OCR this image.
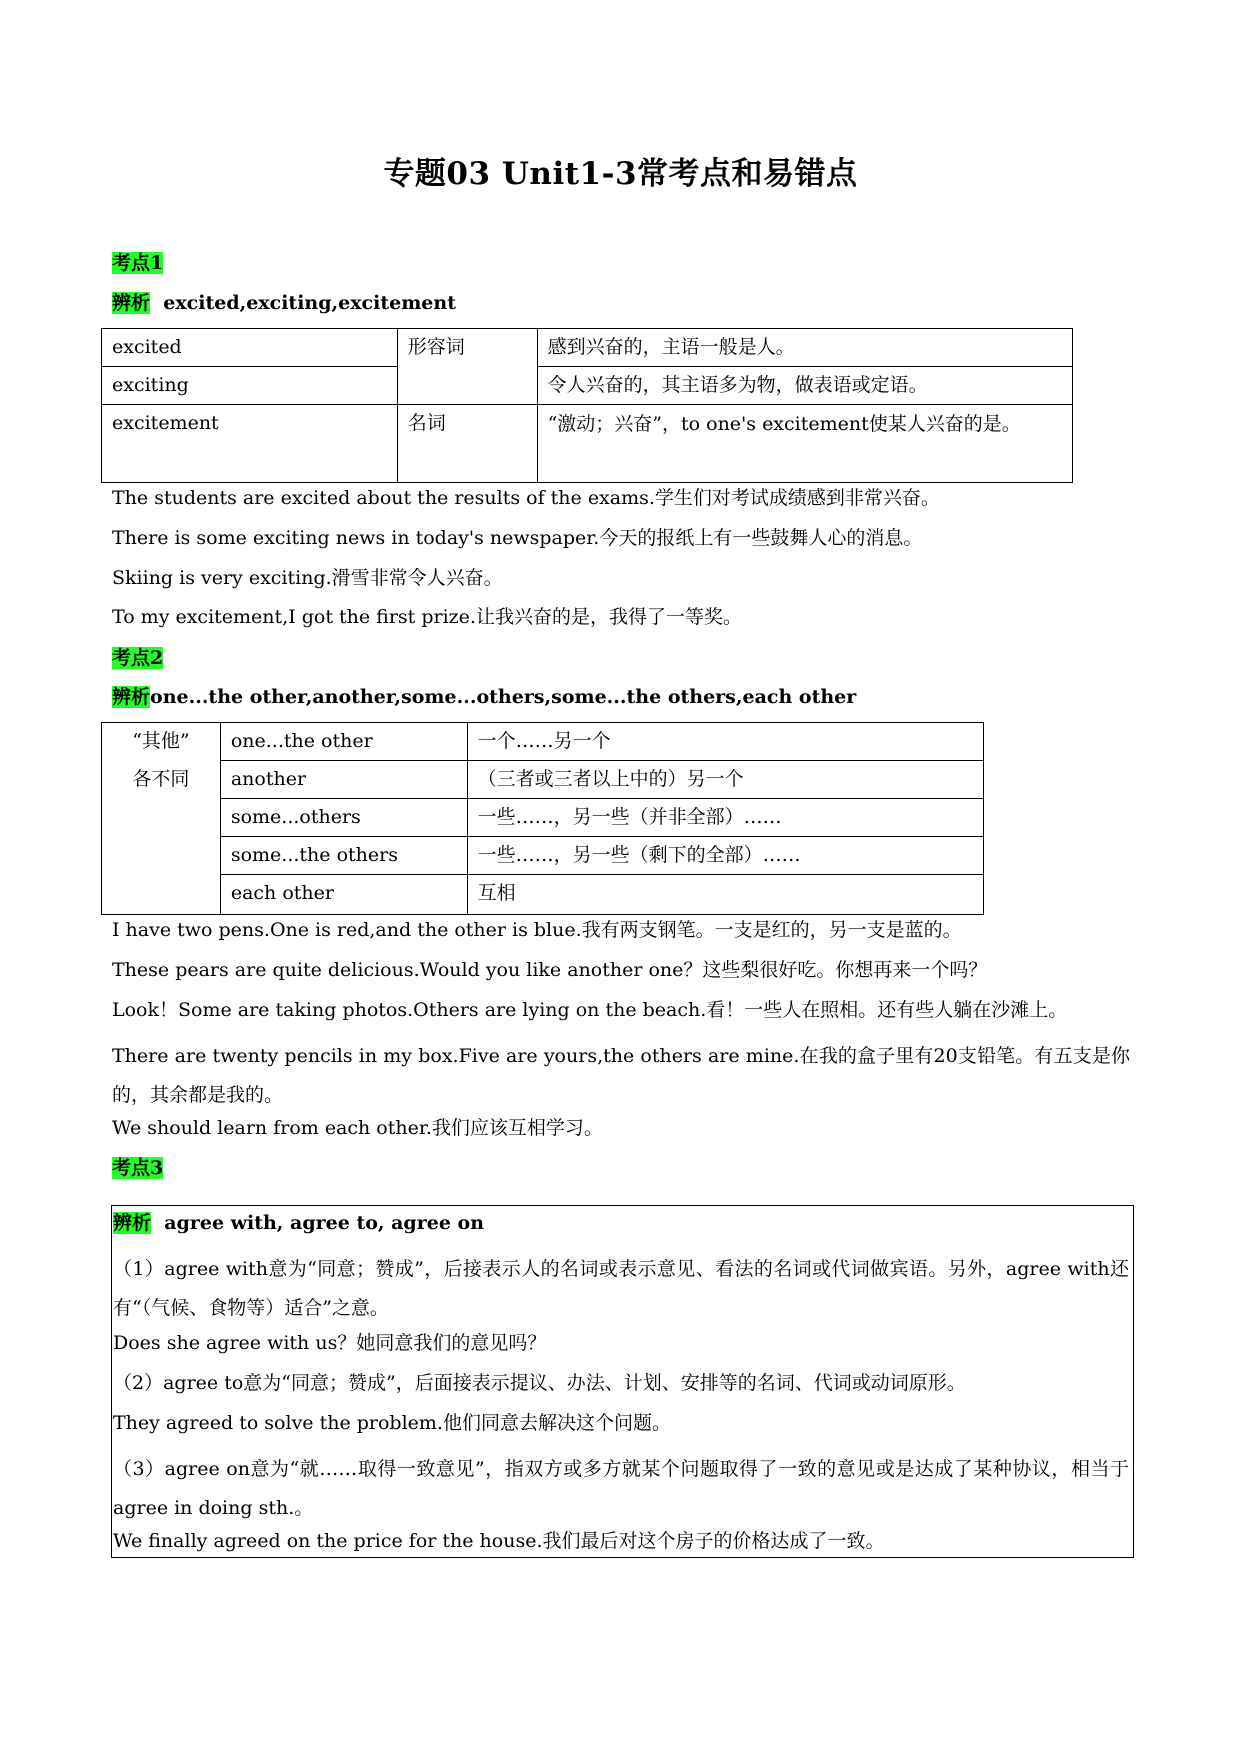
专题03 Unit1-3常考点和易错点
考点1
辨析 excited,exciting,excitement
excited	形容词	感到兴奋的，主语一般是人。
exciting		令人兴奋的，其主语多为物，做表语或定语。
excitement	名词	“激动；兴奋”，to one's excitement使某人兴奋的是。
The students are excited about the results of the exams.学生们对考试成绩感到非常兴奋。
There is some exciting news in today's newspaper.今天的报纸上有一些鼓舞人心的消息。
Skiing is very exciting.滑雪非常令人兴奋。
To my excitement,I got the first prize.让我兴奋的是，我得了一等奖。
考点2
辨析one...the other,another,some...others,some...the others,each other
“其他”
各不同	one...the other	一个……另一个
	another	（三者或三者以上中的）另一个
	some...others	一些……，另一些（并非全部）……
	some...the others	一些……，另一些（剩下的全部）……
	each other	互相
I have two pens.One is red,and the other is blue.我有两支钢笔。一支是红的，另一支是蓝的。
These pears are quite delicious.Would you like another one？这些梨很好吃。你想再来一个吗？
Look！Some are taking photos.Others are lying on the beach.看！一些人在照相。还有些人躺在沙滩上。
There are twenty pencils in my box.Five are yours,the others are mine.在我的盒子里有20支铅笔。有五支是你的，其余都是我的。
We should learn from each other.我们应该互相学习。
考点3
辨析 agree with, agree to, agree on
（1）agree with意为“同意；赞成”，后接表示人的名词或表示意见、看法的名词或代词做宾语。另外，agree with还有“（气候、食物等）适合”之意。
Does she agree with us？她同意我们的意见吗？
（2）agree to意为“同意；赞成”，后面接表示提议、办法、计划、安排等的名词、代词或动词原形。
They agreed to solve the problem.他们同意去解决这个问题。
（3）agree on意为“就……取得一致意见”，指双方或多方就某个问题取得了一致的意见或是达成了某种协议，相当于agree in doing sth.。
We finally agreed on the price for the house.我们最后对这个房子的价格达成了一致。
